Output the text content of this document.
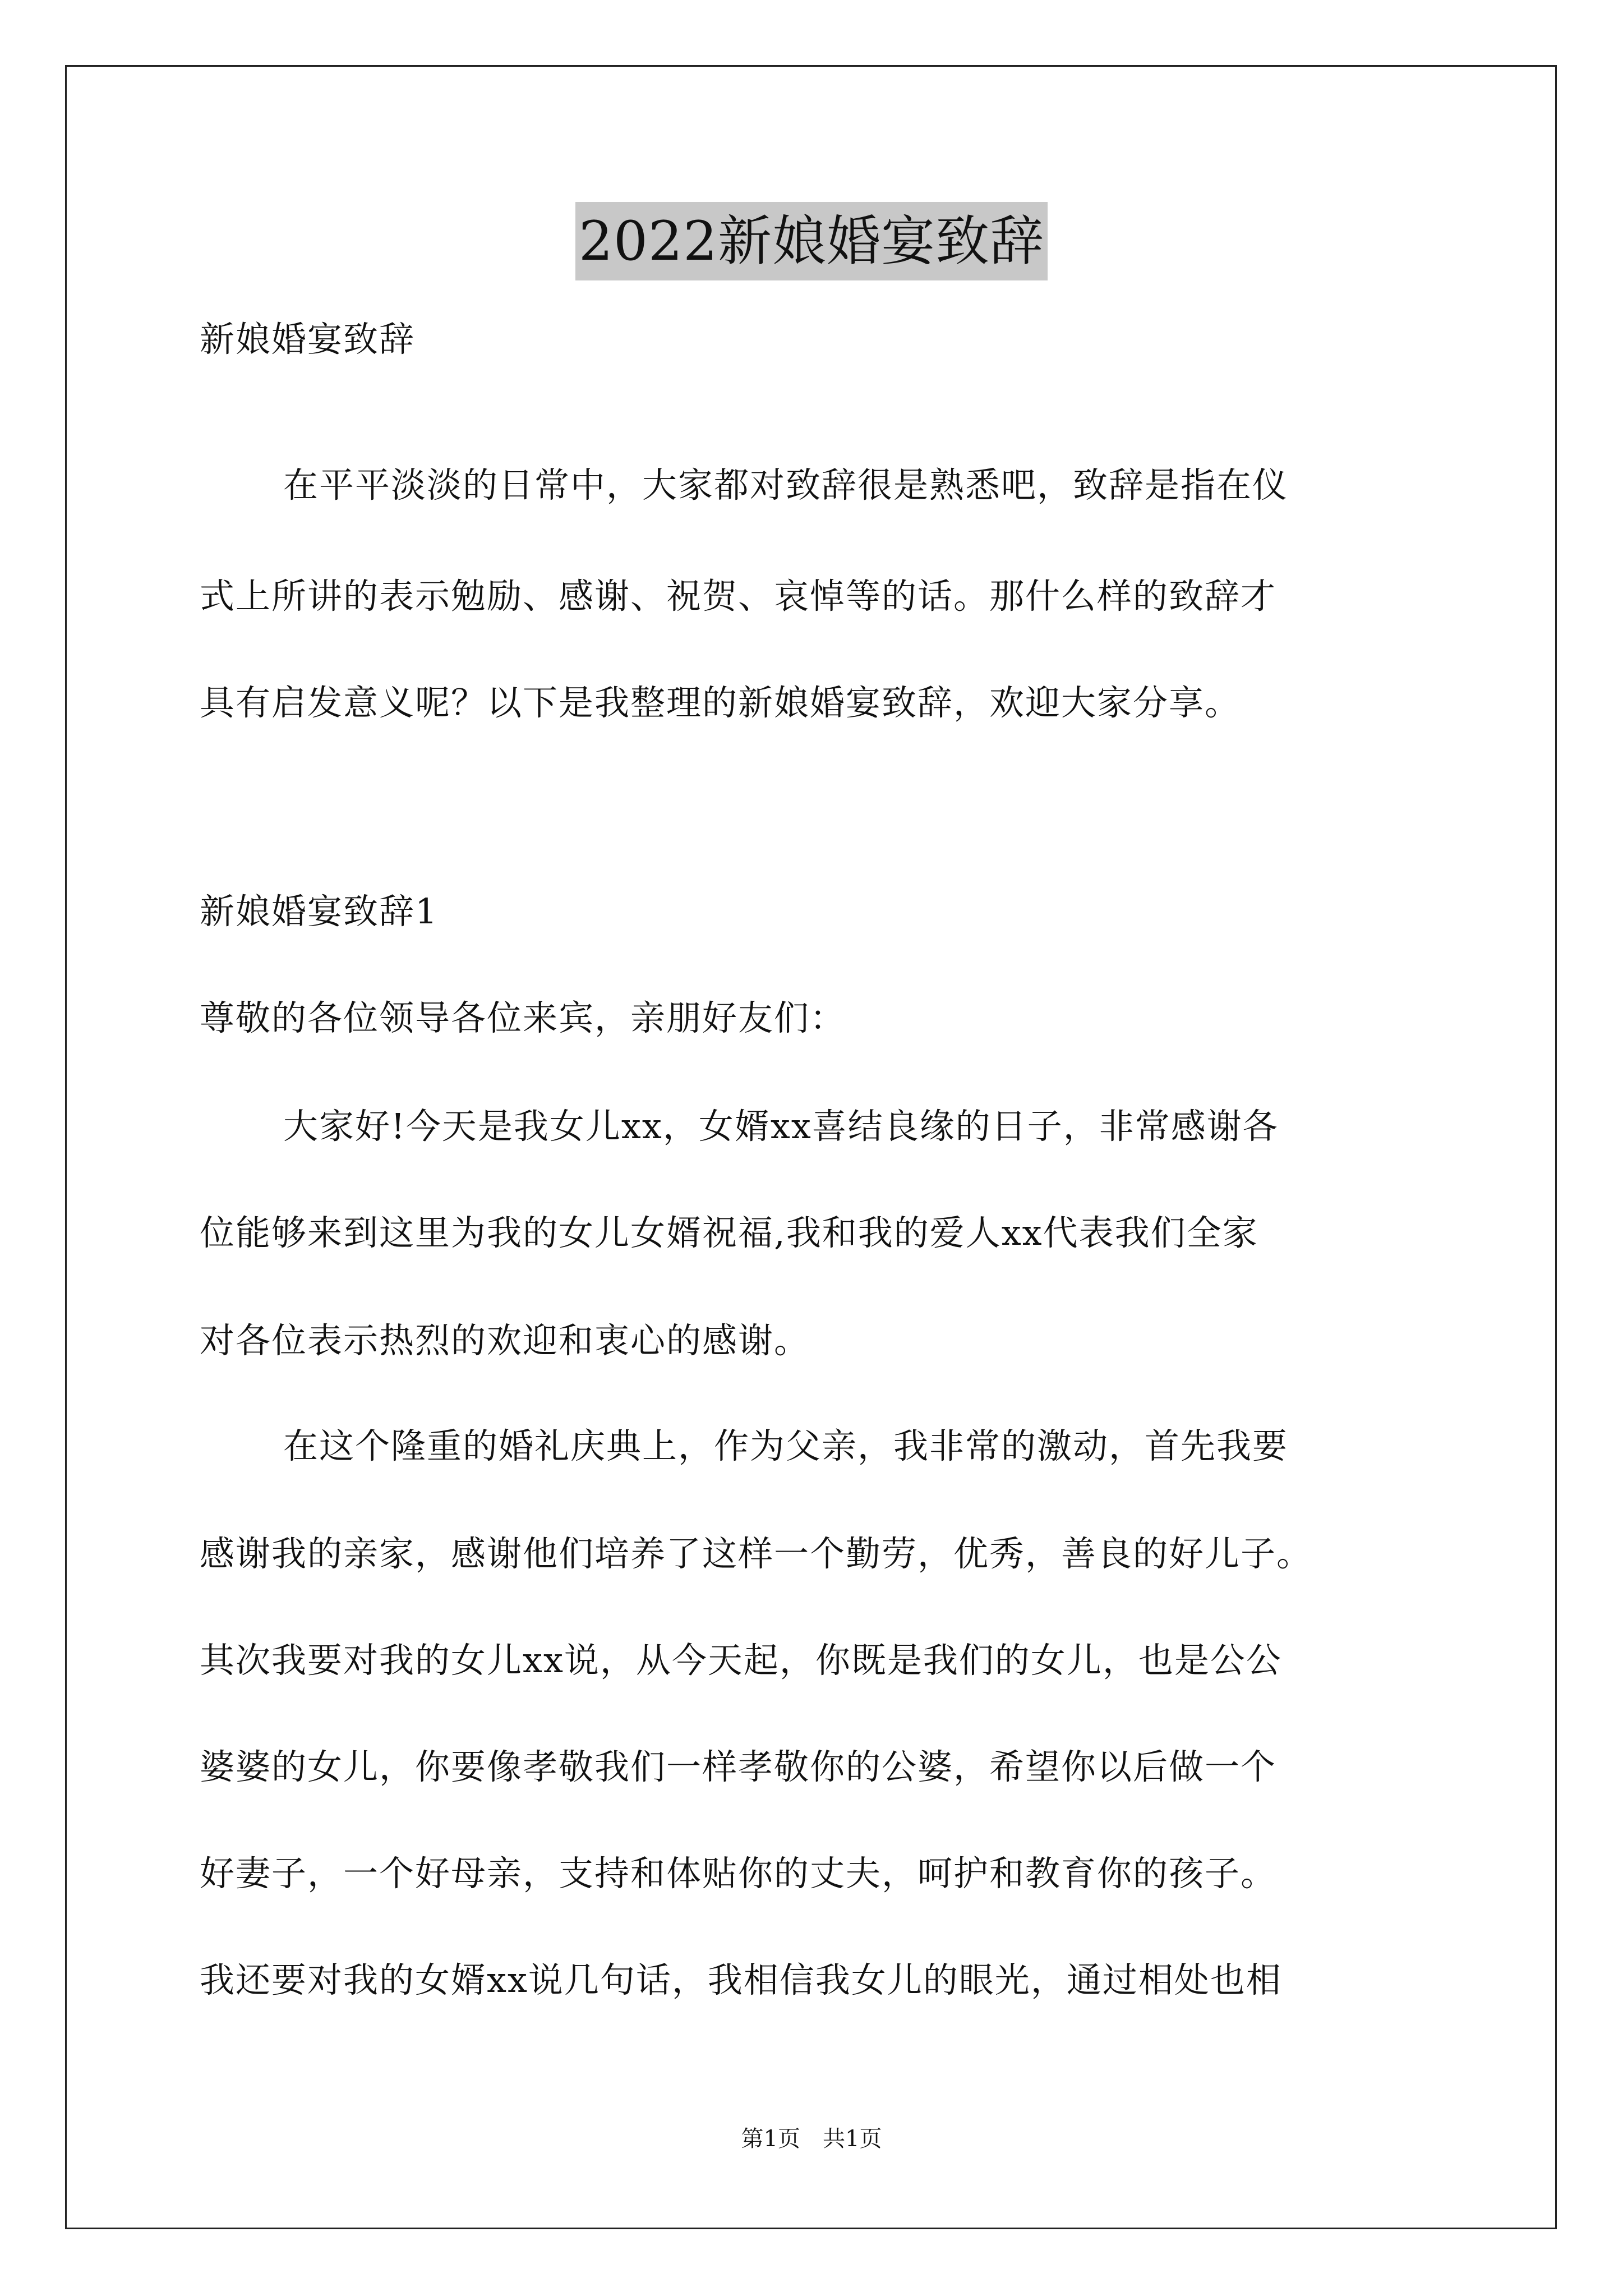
2022新娘婚宴致辞
新娘婚宴致辞
在平平淡淡的日常中，大家都对致辞很是熟悉吧，致辞是指在仪
式上所讲的表示勉励、感谢、祝贺、哀悼等的话。那什么样的致辞才
具有启发意义呢？以下是我整理的新娘婚宴致辞，欢迎大家分享。
新娘婚宴致辞1
尊敬的各位领导各位来宾，亲朋好友们：
大家好!今天是我女儿xx，女婿xx喜结良缘的日子，非常感谢各
位能够来到这里为我的女儿女婿祝福,我和我的爱人xx代表我们全家
对各位表示热烈的欢迎和衷心的感谢。
在这个隆重的婚礼庆典上，作为父亲，我非常的激动，首先我要
感谢我的亲家，感谢他们培养了这样一个勤劳，优秀，善良的好儿子。
其次我要对我的女儿xx说，从今天起，你既是我们的女儿，也是公公
婆婆的女儿，你要像孝敬我们一样孝敬你的公婆，希望你以后做一个
好妻子，一个好母亲，支持和体贴你的丈夫，呵护和教育你的孩子。
我还要对我的女婿xx说几句话，我相信我女儿的眼光，通过相处也相
第1页　共1页
